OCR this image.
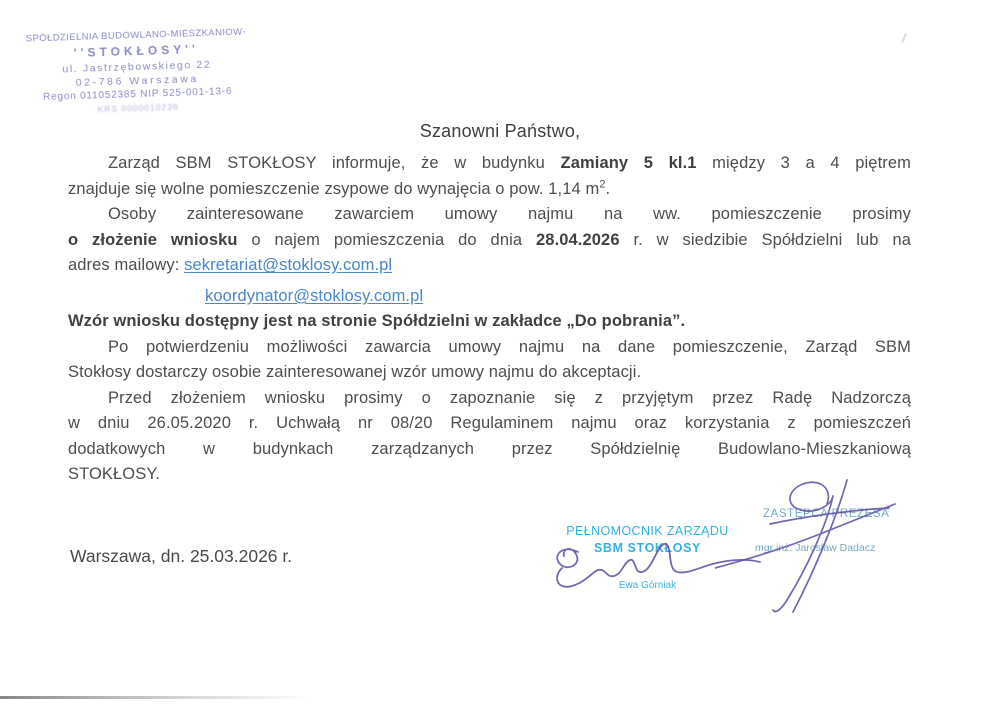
SPÓŁDZIELNIA BUDOWLANO-MIESZKANIOW-
''STOKŁOSY''
ul. Jastrzębowskiego 22
02-786 Warszawa
Regon 011052385 NIP 525-001-13-6
KRS 0000010236
Szanowni Państwo,
Zarząd SBM STOKŁOSY informuje, że w budynku Zamiany 5 kl.1 między 3 a 4 piętrem
znajduje się wolne pomieszczenie zsypowe do wynajęcia o pow. 1,14 $m^2$.
Osoby zainteresowane zawarciem umowy najmu na ww. pomieszczenie prosimy
o złożenie wniosku o najem pomieszczenia do dnia 28.04.2026 r. w siedzibie Spółdzielni lub na
adres mailowy: sekretariat@stoklosy.com.pl
koordynator@stoklosy.com.pl
Wzór wniosku dostępny jest na stronie Spółdzielni w zakładce „Do pobrania”.
Po potwierdzeniu możliwości zawarcia umowy najmu na dane pomieszczenie, Zarząd SBM
Stokłosy dostarczy osobie zainteresowanej wzór umowy najmu do akceptacji.
Przed złożeniem wniosku prosimy o zapoznanie się z przyjętym przez Radę Nadzorczą
w dniu 26.05.2020 r. Uchwałą nr 08/20 Regulaminem najmu oraz korzystania z pomieszczeń
dodatkowych w budynkach zarządzanych przez Spółdzielnię Budowlano-Mieszkaniową
STOKŁOSY.
Warszawa, dn. 25.03.2026 r.
PEŁNOMOCNIK ZARZĄDU
SBM STOKŁOSY
Ewa Górniak
ZASTĘPCA PREZESA
mgr inż. Jarosław Dadacz
